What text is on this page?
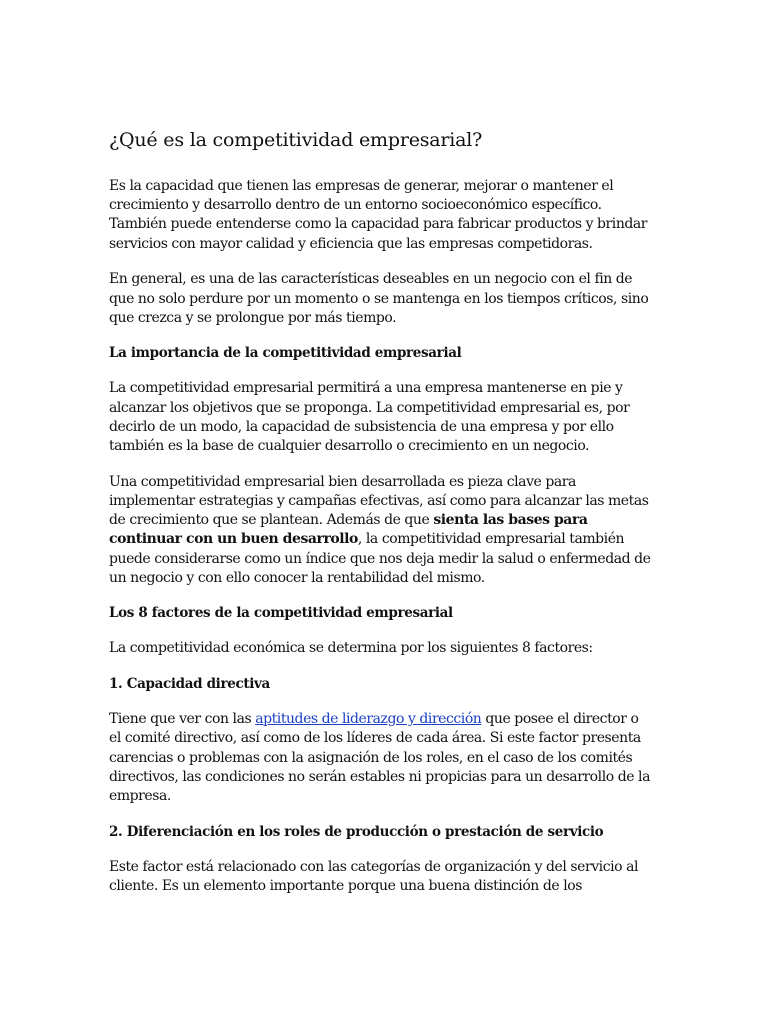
¿Qué es la competitividad empresarial?

Es la capacidad que tienen las empresas de generar, mejorar o mantener el crecimiento y desarrollo dentro de un entorno socioeconómico específico. También puede entenderse como la capacidad para fabricar productos y brindar servicios con mayor calidad y eficiencia que las empresas competidoras.

En general, es una de las características deseables en un negocio con el fin de que no solo perdure por un momento o se mantenga en los tiempos críticos, sino que crezca y se prolongue por más tiempo.

La importancia de la competitividad empresarial

La competitividad empresarial permitirá a una empresa mantenerse en pie y alcanzar los objetivos que se proponga. La competitividad empresarial es, por decirlo de un modo, la capacidad de subsistencia de una empresa y por ello también es la base de cualquier desarrollo o crecimiento en un negocio.

Una competitividad empresarial bien desarrollada es pieza clave para implementar estrategias y campañas efectivas, así como para alcanzar las metas de crecimiento que se plantean. Además de que sienta las bases para continuar con un buen desarrollo, la competitividad empresarial también puede considerarse como un índice que nos deja medir la salud o enfermedad de un negocio y con ello conocer la rentabilidad del mismo.

Los 8 factores de la competitividad empresarial

La competitividad económica se determina por los siguientes 8 factores:

1. Capacidad directiva

Tiene que ver con las aptitudes de liderazgo y dirección que posee el director o el comité directivo, así como de los líderes de cada área. Si este factor presenta carencias o problemas con la asignación de los roles, en el caso de los comités directivos, las condiciones no serán estables ni propicias para un desarrollo de la empresa.

2. Diferenciación en los roles de producción o prestación de servicio

Este factor está relacionado con las categorías de organización y del servicio al cliente. Es un elemento importante porque una buena distinción de los
